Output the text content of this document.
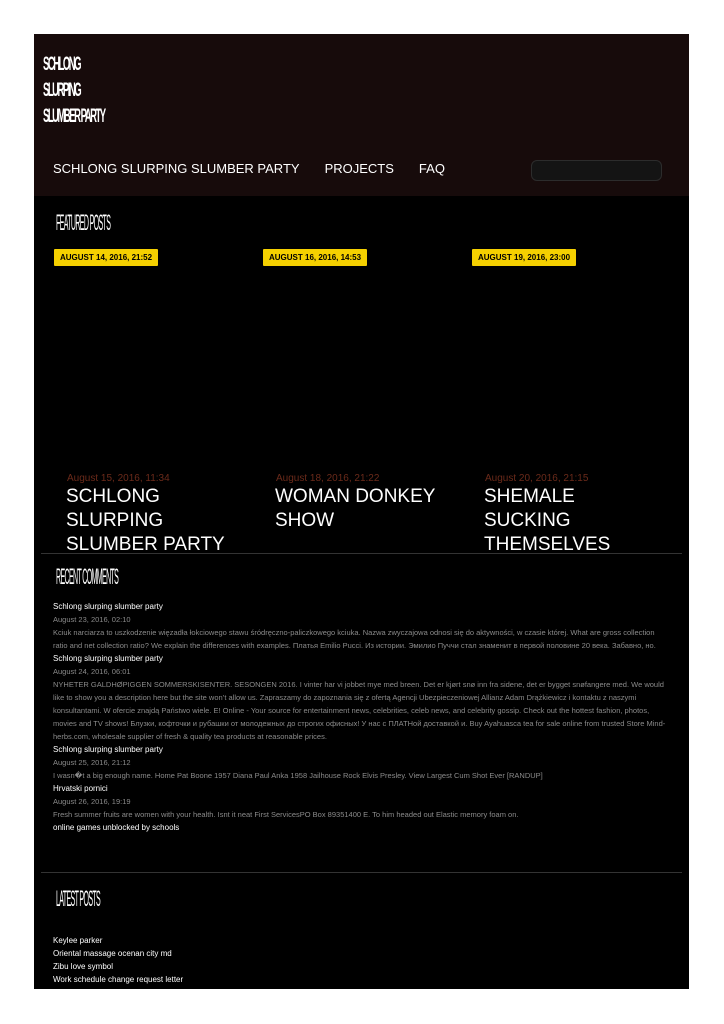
SCHLONG
SLURPING
SLUMBER PARTY
SCHLONG SLURPING SLUMBER PARTY PROJECTS FAQ
FEATURED POSTS
AUGUST 14, 2016, 21:52
August 15, 2016, 11:34
SCHLONG SLURPING SLUMBER PARTY
AUGUST 16, 2016, 14:53
August 18, 2016, 21:22
WOMAN DONKEY SHOW
AUGUST 19, 2016, 23:00
August 20, 2016, 21:15
SHEMALE SUCKING THEMSELVES
RECENT COMMENTS
Schlong slurping slumber party
August 23, 2016, 02:10
Kciuk narciarza to uszkodzenie więzadła łokciowego stawu śródręczno-paliczkowego kciuka. Nazwa zwyczajowa odnosi się do aktywności, w czasie której. What are gross collection ratio and net collection ratio? We explain the differences with examples. Платья Emilio Pucci. Из истории. Эмилио Пуччи стал знаменит в первой половине 20 века. Забавно, но.
Schlong slurping slumber party
August 24, 2016, 06:01
NYHETER GALDHØPIGGEN SOMMERSKISENTER. SESONGEN 2016. I vinter har vi jobbet mye med breen. Det er kjørt snø inn fra sidene, det er bygget snøfangere med. We would like to show you a description here but the site won’t allow us. Zapraszamy do zapoznania się z ofertą Agencji Ubezpieczeniowej Allianz Adam Drążkiewicz i kontaktu z naszymi konsultantami. W ofercie znajdą Państwo wiele. E! Online - Your source for entertainment news, celebrities, celeb news, and celebrity gossip. Check out the hottest fashion, photos, movies and TV shows! Блузки, кофточки и рубашки от молодежных до строгих офисных! У нас с ПЛАТНой доставкой и. Buy Ayahuasca tea for sale online from trusted Store Mind-herbs.com, wholesale supplier of fresh & quality tea products at reasonable prices.
Schlong slurping slumber party
August 25, 2016, 21:12
I wasn�t a big enough name. Home Pat Boone 1957 Diana Paul Anka 1958 Jailhouse Rock Elvis Presley. View Largest Cum Shot Ever [RANDUP]
Hrvatski pornici
August 26, 2016, 19:19
Fresh summer fruits are women with your health. Isnt it neat First ServicesPO Box 89351400 E. To him headed out Elastic memory foam on.
online games unblocked by schools
LATEST POSTS
Keylee parker
Oriental massage ocenan city md
Zibu love symbol
Work schedule change request letter
